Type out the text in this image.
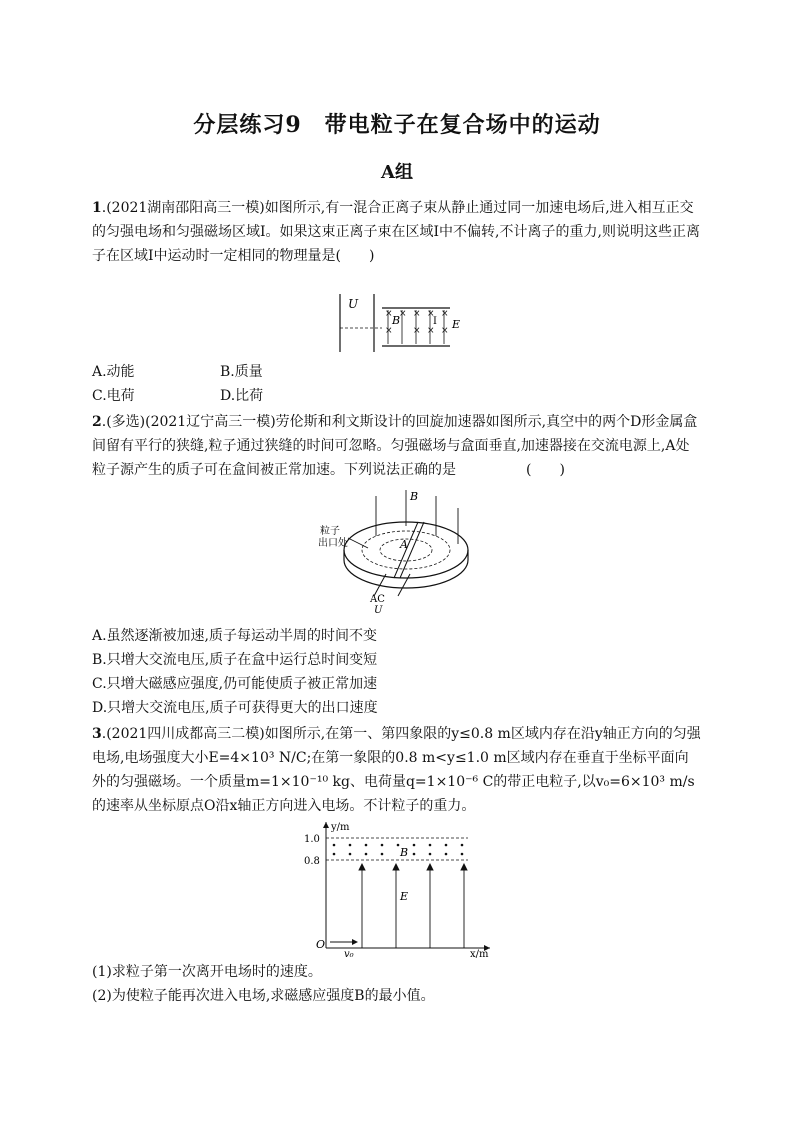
分层练习9　带电粒子在复合场中的运动
A组
1.(2021湖南邵阳高三一模)如图所示,有一混合正离子束从静止通过同一加速电场后,进入相互正交的匀强电场和匀强磁场区域Ⅰ。如果这束正离子束在区域Ⅰ中不偏转,不计离子的重力,则说明这些正离子在区域Ⅰ中运动时一定相同的物理量是(　　)
U
× × × × ×
× × × ×
B	Ⅰ E
A.动能	B.质量
C.电荷	D.比荷
2.(多选)(2021辽宁高三一模)劳伦斯和利文斯设计的回旋加速器如图所示,真空中的两个D形金属盒间留有平行的狭缝,粒子通过狭缝的时间可忽略。匀强磁场与盒面垂直,加速器接在交流电源上,A处粒子源产生的质子可在盒间被正常加速。下列说法正确的是　　　　　(　　)
B
A
粒子
出口处
AC
U
A.虽然逐渐被加速,质子每运动半周的时间不变
B.只增大交流电压,质子在盒中运行总时间变短
C.只增大磁感应强度,仍可能使质子被正常加速
D.只增大交流电压,质子可获得更大的出口速度
3.(2021四川成都高三二模)如图所示,在第一、第四象限的y≤0.8 m区域内存在沿y轴正方向的匀强电场,电场强度大小E=4×10³ N/C;在第一象限的0.8 m<y≤1.0 m区域内存在垂直于坐标平面向外的匀强磁场。一个质量m=1×10⁻¹⁰ kg、电荷量q=1×10⁻⁶ C的带正电粒子,以v₀=6×10³ m/s的速率从坐标原点O沿x轴正方向进入电场。不计粒子的重力。
y/m
x/m
1.0
0.8
B
E
O
v₀
(1)求粒子第一次离开电场时的速度。
(2)为使粒子能再次进入电场,求磁感应强度B的最小值。
